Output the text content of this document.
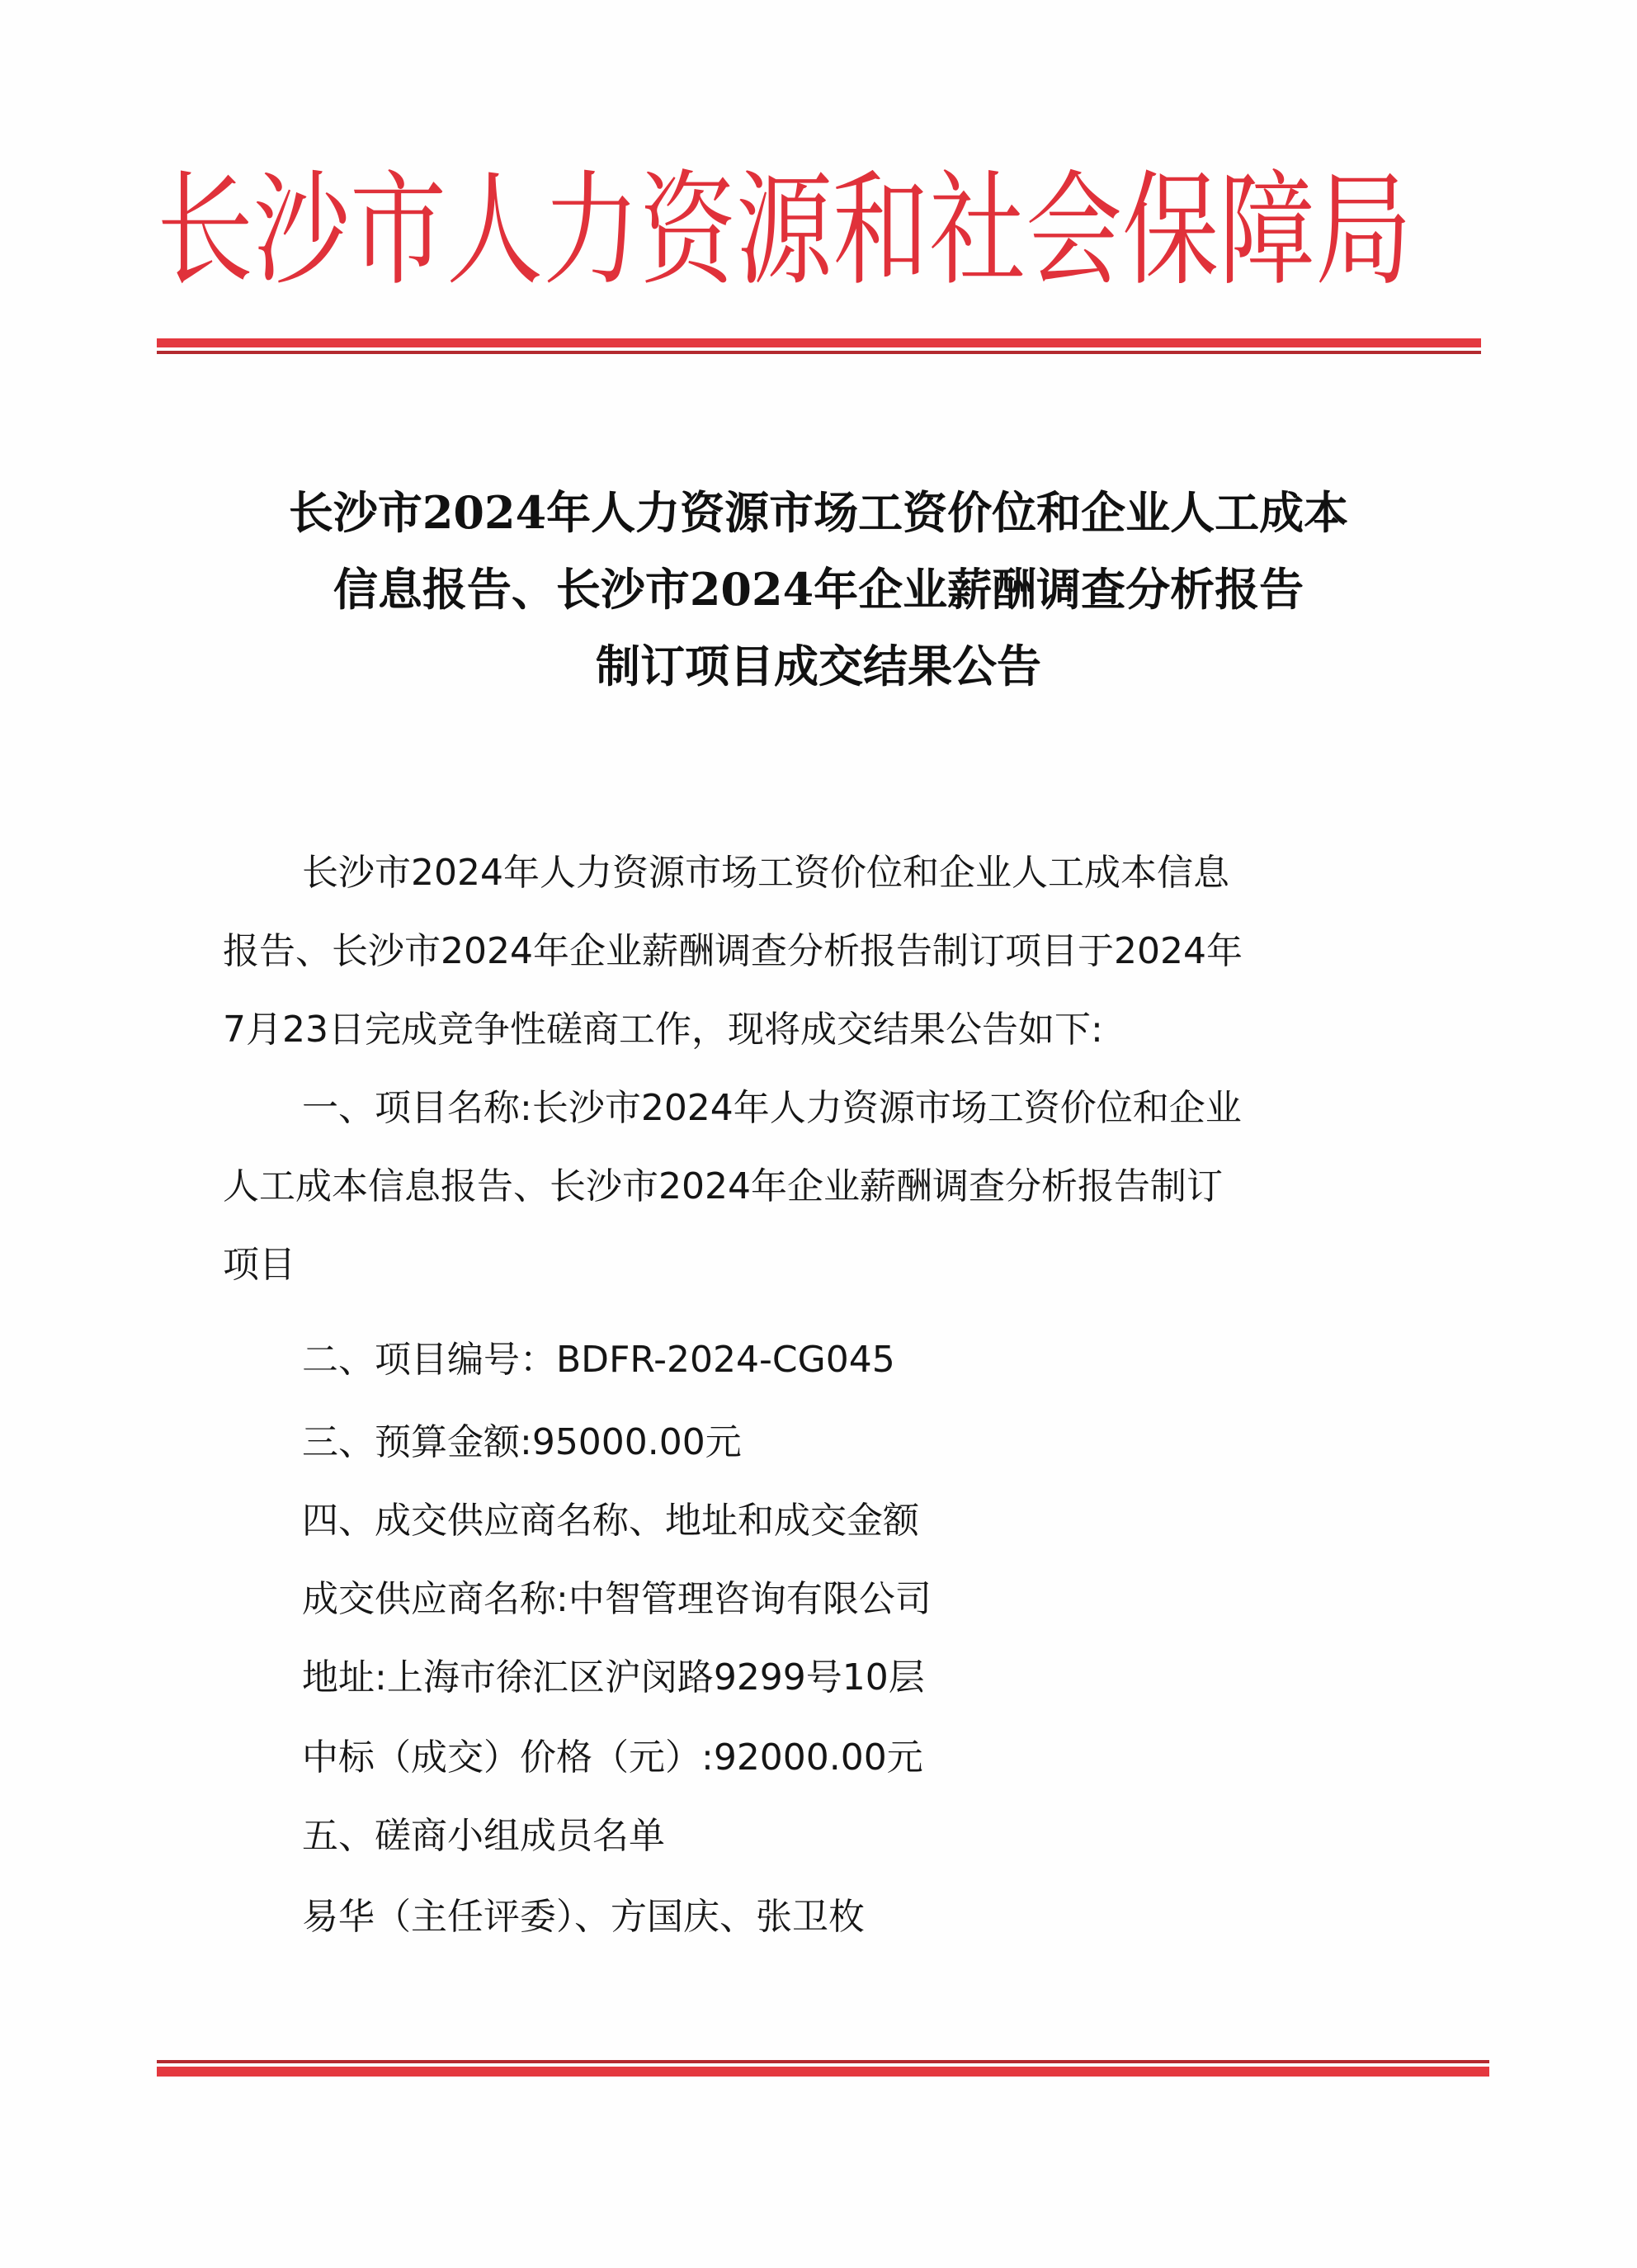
长 沙 市 人 力 资 源 和 社 会 保 障 局
长沙市2024年人力资源市场工资价位和企业人工成本
信息报告、长沙市2024年企业薪酬调查分析报告
制订项目成交结果公告
长沙市2024年人力资源市场工资价位和企业人工成本信息
报告、长沙市2024年企业薪酬调查分析报告制订项目于2024年
7月23日完成竞争性磋商工作，现将成交结果公告如下:
一、项目名称:长沙市2024年人力资源市场工资价位和企业
人工成本信息报告、长沙市2024年企业薪酬调查分析报告制订
项目
二、项目编号：BDFR-2024-CG045
三、预算金额:95000.00元
四、成交供应商名称、地址和成交金额
成交供应商名称:中智管理咨询有限公司
地址:上海市徐汇区沪闵路9299号10层
中标（成交）价格（元）:92000.00元
五、磋商小组成员名单
易华（主任评委）、方国庆、张卫枚
